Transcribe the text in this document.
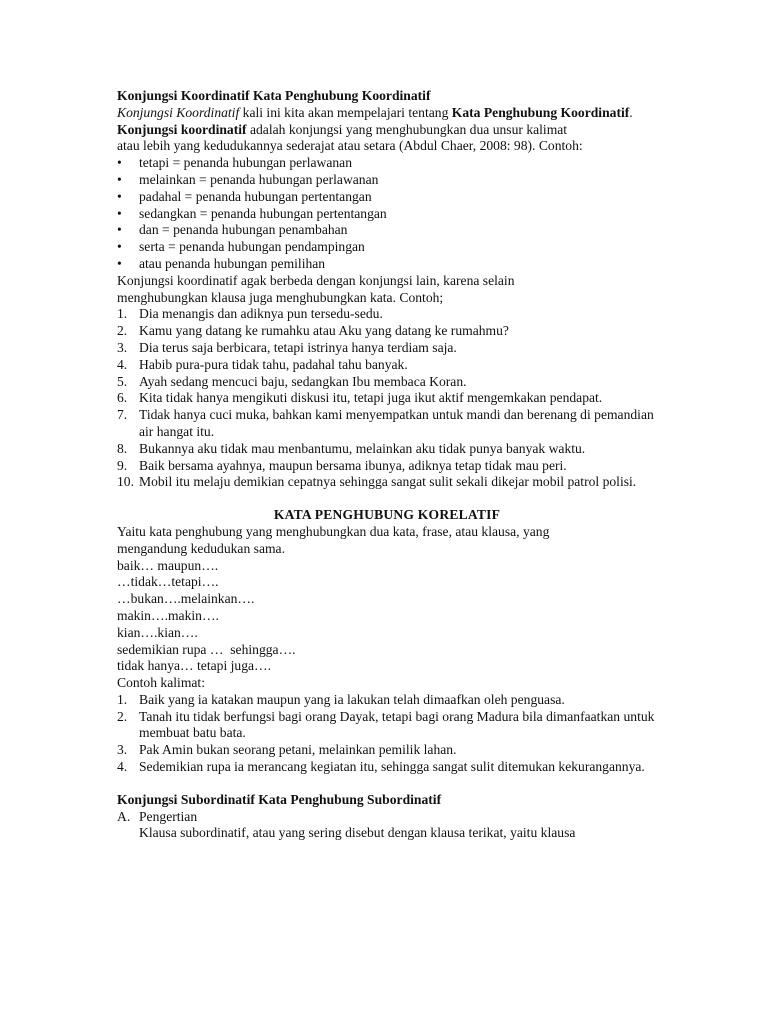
Konjungsi Koordinatif Kata Penghubung Koordinatif
Konjungsi Koordinatif kali ini kita akan mempelajari tentang Kata Penghubung Koordinatif.
Konjungsi koordinatif adalah konjungsi yang menghubungkan dua unsur kalimat
atau lebih yang kedudukannya sederajat atau setara (Abdul Chaer, 2008: 98). Contoh:
• tetapi = penanda hubungan perlawanan
• melainkan = penanda hubungan perlawanan
• padahal = penanda hubungan pertentangan
• sedangkan = penanda hubungan pertentangan
• dan = penanda hubungan penambahan
• serta = penanda hubungan pendampingan
• atau penanda hubungan pemilihan
Konjungsi koordinatif agak berbeda dengan konjungsi lain, karena selain
menghubungkan klausa juga menghubungkan kata. Contoh;
1. Dia menangis dan adiknya pun tersedu-sedu.
2. Kamu yang datang ke rumahku atau Aku yang datang ke rumahmu?
3. Dia terus saja berbicara, tetapi istrinya hanya terdiam saja.
4. Habib pura-pura tidak tahu, padahal tahu banyak.
5. Ayah sedang mencuci baju, sedangkan Ibu membaca Koran.
6. Kita tidak hanya mengikuti diskusi itu, tetapi juga ikut aktif mengemkakan pendapat.
7. Tidak hanya cuci muka, bahkan kami menyempatkan untuk mandi dan berenang di pemandian air hangat itu.
8. Bukannya aku tidak mau menbantumu, melainkan aku tidak punya banyak waktu.
9. Baik bersama ayahnya, maupun bersama ibunya, adiknya tetap tidak mau peri.
10. Mobil itu melaju demikian cepatnya sehingga sangat sulit sekali dikejar mobil patrol polisi.
KATA PENGHUBUNG KORELATIF
Yaitu kata penghubung yang menghubungkan dua kata, frase, atau klausa, yang
mengandung kedudukan sama.
baik… maupun….
…tidak…tetapi….
…bukan….melainkan….
makin….makin….
kian….kian….
sedemikian rupa …  sehingga….
tidak hanya… tetapi juga….
Contoh kalimat:
1. Baik yang ia katakan maupun yang ia lakukan telah dimaafkan oleh penguasa.
2. Tanah itu tidak berfungsi bagi orang Dayak, tetapi bagi orang Madura bila dimanfaatkan untuk membuat batu bata.
3. Pak Amin bukan seorang petani, melainkan pemilik lahan.
4. Sedemikian rupa ia merancang kegiatan itu, sehingga sangat sulit ditemukan kekurangannya.
Konjungsi Subordinatif Kata Penghubung Subordinatif
A. Pengertian
Klausa subordinatif, atau yang sering disebut dengan klausa terikat, yaitu klausa
